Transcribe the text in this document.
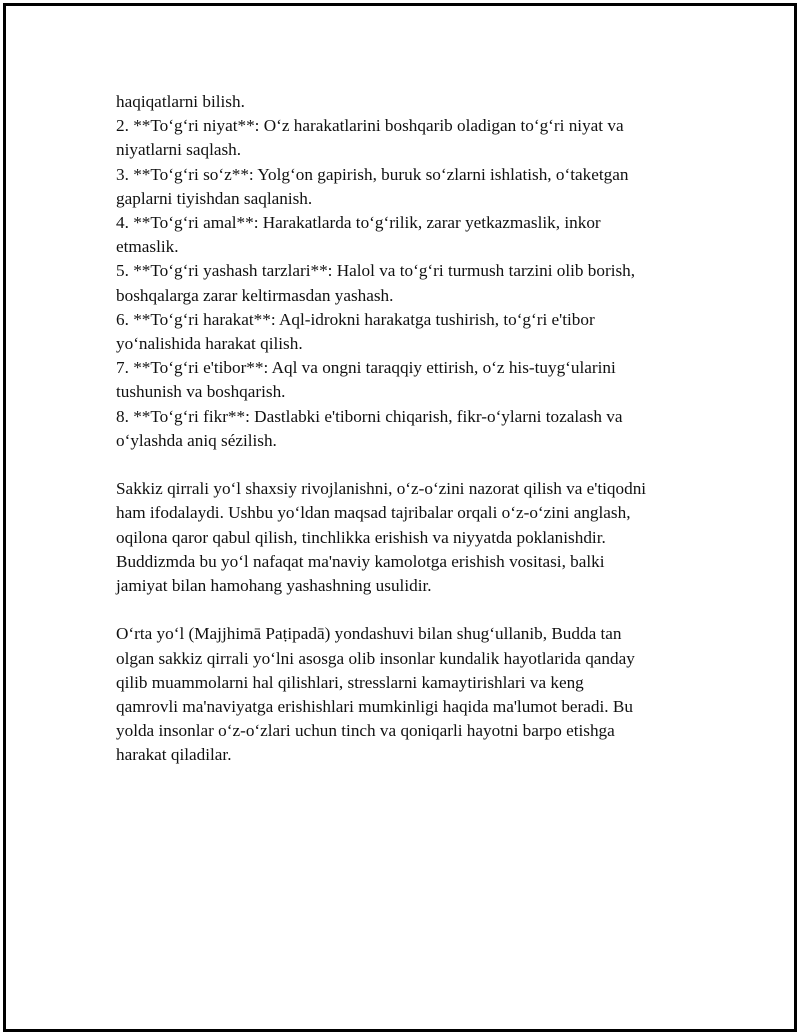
haqiqatlarni bilish.
2. **To‘g‘ri niyat**: O‘z harakatlarini boshqarib oladigan to‘g‘ri niyat va
niyatlarni saqlash.
3. **To‘g‘ri so‘z**: Yolg‘on gapirish, buruk so‘zlarni ishlatish, o‘taketgan
gaplarni tiyishdan saqlanish.
4. **To‘g‘ri amal**: Harakatlarda to‘g‘rilik, zarar yetkazmaslik, inkor
etmaslik.
5. **To‘g‘ri yashash tarzlari**: Halol va to‘g‘ri turmush tarzini olib borish,
boshqalarga zarar keltirmasdan yashash.
6. **To‘g‘ri harakat**: Aql-idrokni harakatga tushirish, to‘g‘ri e'tibor
yo‘nalishida harakat qilish.
7. **To‘g‘ri e'tibor**: Aql va ongni taraqqiy ettirish, o‘z his-tuyg‘ularini
tushunish va boshqarish.
8. **To‘g‘ri fikr**: Dastlabki e'tiborni chiqarish, fikr-o‘ylarni tozalash va
o‘ylashda aniq sézilish.
Sakkiz qirrali yo‘l shaxsiy rivojlanishni, o‘z-o‘zini nazorat qilish va e'tiqodni
ham ifodalaydi. Ushbu yo‘ldan maqsad tajribalar orqali o‘z-o‘zini anglash,
oqilona qaror qabul qilish, tinchlikka erishish va niyyatda poklanishdir.
Buddizmda bu yo‘l nafaqat ma'naviy kamolotga erishish vositasi, balki
jamiyat bilan hamohang yashashning usulidir.
O‘rta yo‘l (Majjhimā Paṭipadā) yondashuvi bilan shug‘ullanib, Budda tan
olgan sakkiz qirrali yo‘lni asosga olib insonlar kundalik hayotlarida qanday
qilib muammolarni hal qilishlari, stresslarni kamaytirishlari va keng
qamrovli ma'naviyatga erishishlari mumkinligi haqida ma'lumot beradi. Bu
yolda insonlar o‘z-o‘zlari uchun tinch va qoniqarli hayotni barpo etishga
harakat qiladilar.
